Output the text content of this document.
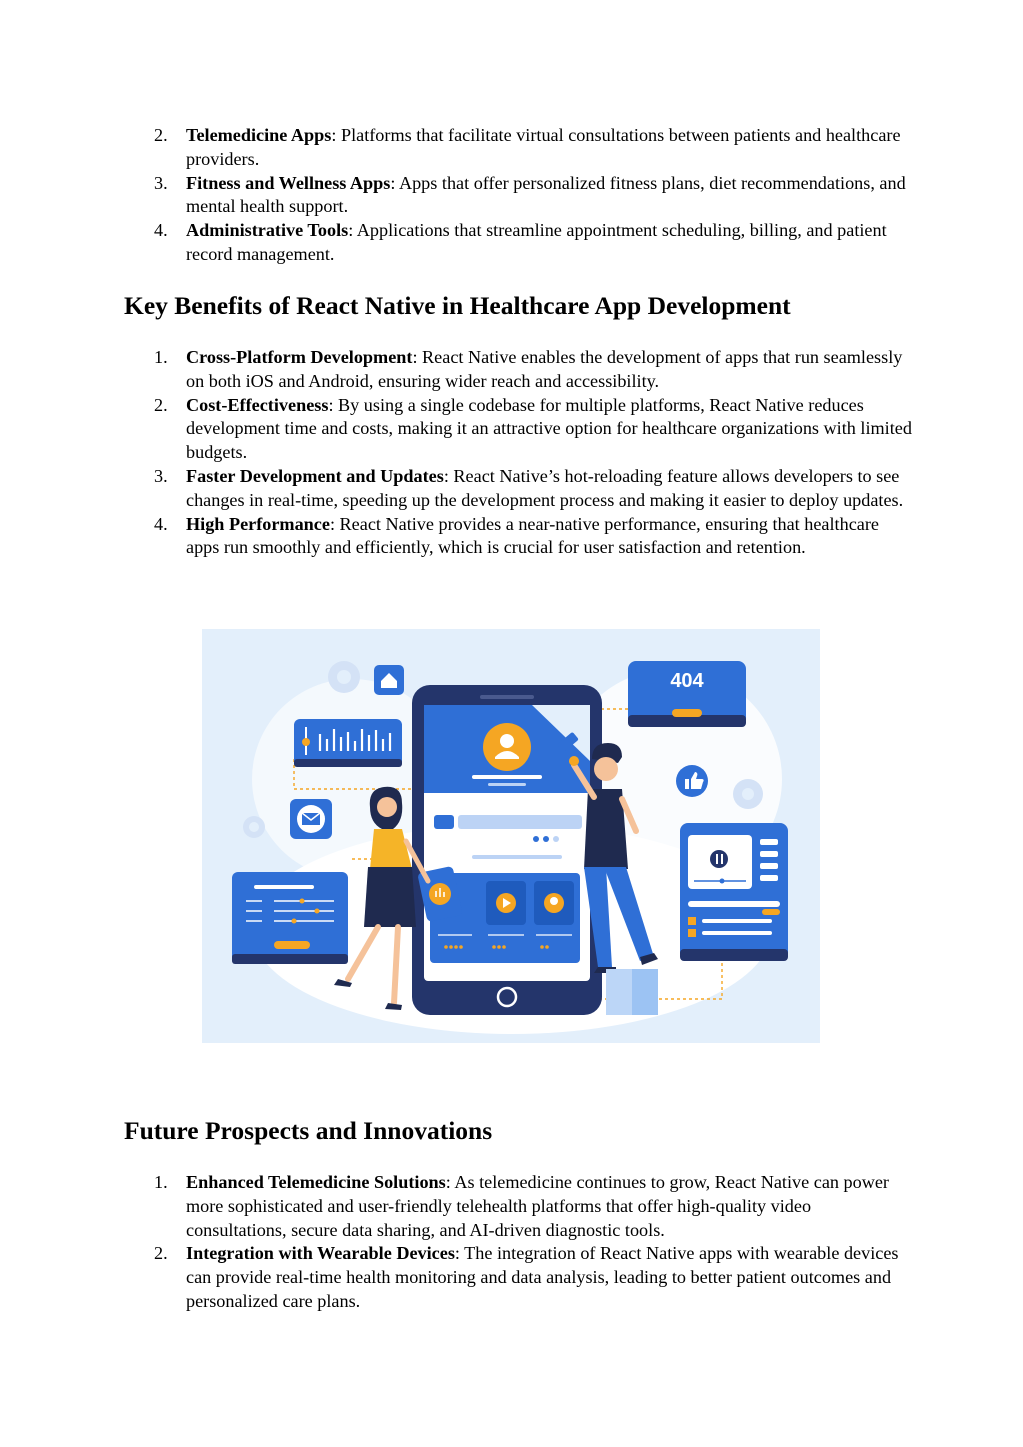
2. Telemedicine Apps: Platforms that facilitate virtual consultations between patients and healthcare providers.
3. Fitness and Wellness Apps: Apps that offer personalized fitness plans, diet recommendations, and mental health support.
4. Administrative Tools: Applications that streamline appointment scheduling, billing, and patient record management.
Key Benefits of React Native in Healthcare App Development
1. Cross-Platform Development: React Native enables the development of apps that run seamlessly on both iOS and Android, ensuring wider reach and accessibility.
2. Cost-Effectiveness: By using a single codebase for multiple platforms, React Native reduces development time and costs, making it an attractive option for healthcare organizations with limited budgets.
3. Faster Development and Updates: React Native’s hot-reloading feature allows developers to see changes in real-time, speeding up the development process and making it easier to deploy updates.
4. High Performance: React Native provides a near-native performance, ensuring that healthcare apps run smoothly and efficiently, which is crucial for user satisfaction and retention.
404
Future Prospects and Innovations
1. Enhanced Telemedicine Solutions: As telemedicine continues to grow, React Native can power more sophisticated and user-friendly telehealth platforms that offer high-quality video consultations, secure data sharing, and AI-driven diagnostic tools.
2. Integration with Wearable Devices: The integration of React Native apps with wearable devices can provide real-time health monitoring and data analysis, leading to better patient outcomes and personalized care plans.
